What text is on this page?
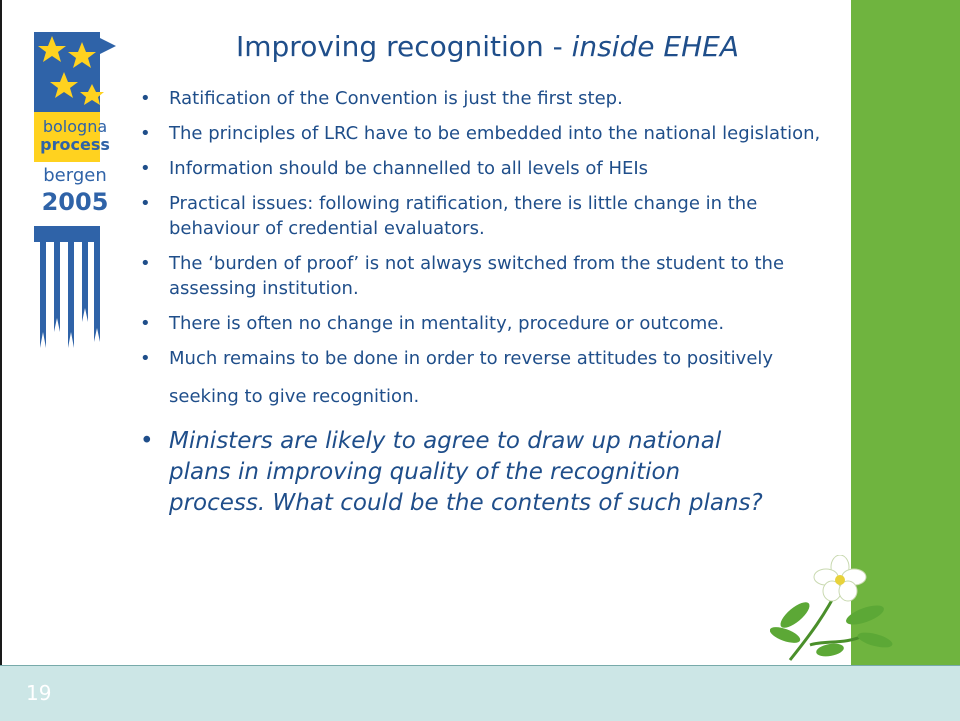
bologna
process
bergen
2005
Improving recognition - inside EHEA
• Ratification of the Convention is just the first step.
• The principles of LRC have to be embedded into the national legislation,
• Information should be channelled to all levels of HEIs
• Practical issues: following ratification, there is little change in the behaviour of credential evaluators.
• The ‘burden of proof’ is not always switched from the student to the assessing institution.
• There is often no change in mentality, procedure or outcome.
• Much remains to be done in order to reverse attitudes to positively seeking to give recognition.
• Ministers are likely to agree to draw up national plans in improving quality of the recognition process. What could be the contents of such plans?
19
